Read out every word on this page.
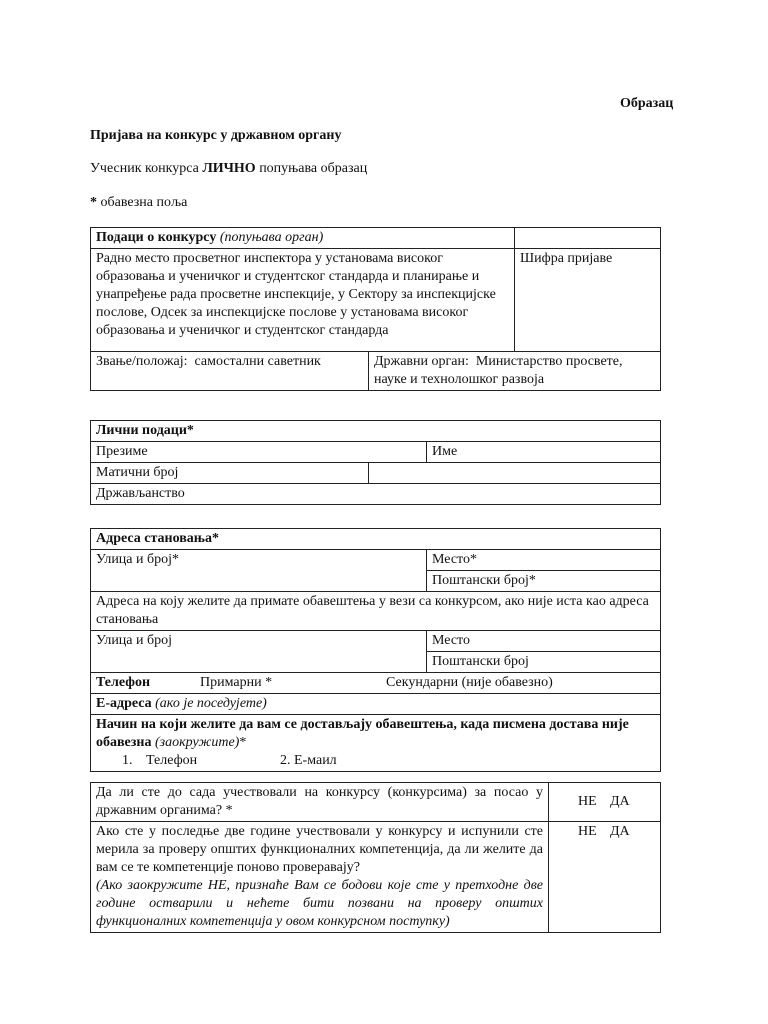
Образац
Пријава на конкурс у државном органу
Учесник конкурса ЛИЧНО попуњава образац
* обавезна поља
Подаци о конкурсу (попуњава орган)		
Радно место просветног инспектора у установама високог образовања и ученичког и студентског стандарда и планирање и унапређење рада просветне инспекције, у Сектору за инспекцијске послове, Одсек за инспекцијске послове у установама високог образовања и ученичког и студентског стандарда		Шифра пријаве
Звање/положај: самостални саветник	Државни орган: Министарство просвете, науке и технолошког развоја	
Лични подаци*		
Презиме		Име
Матични број		
Држављанство		
Адреса становања*	
Улица и број*	Место*
	Поштански број*
Адреса на коју желите да примате обавештења у вези са конкурсом, ако није иста као адреса становања	
Улица и број	Место
	Поштански број
Телефон Примарни * Секундарни (није обавезно)	
Е-адреса (ако је поседујете)	

Начин на који желите да вам се достављају обавештења, када писмена достава није обавезна (заокружите)*
1. Телефон 2. Е-маил	
Да ли сте до сада учествовали на конкурсу (конкурсима) за посао у државним органима? *	НЕ ДА

Ако сте у последње две године учествовали у конкурсу и испунили сте мерила за проверу општих функционалних компетенција, да ли желите да вам се те компетенције поново проверавају?
(Ако заокружите НЕ, признаће Вам се бодови које сте у претходне две године остварили и нећете бити позвани на проверу општих функционалних компетенција у овом конкурсном поступку)	НЕ ДА
